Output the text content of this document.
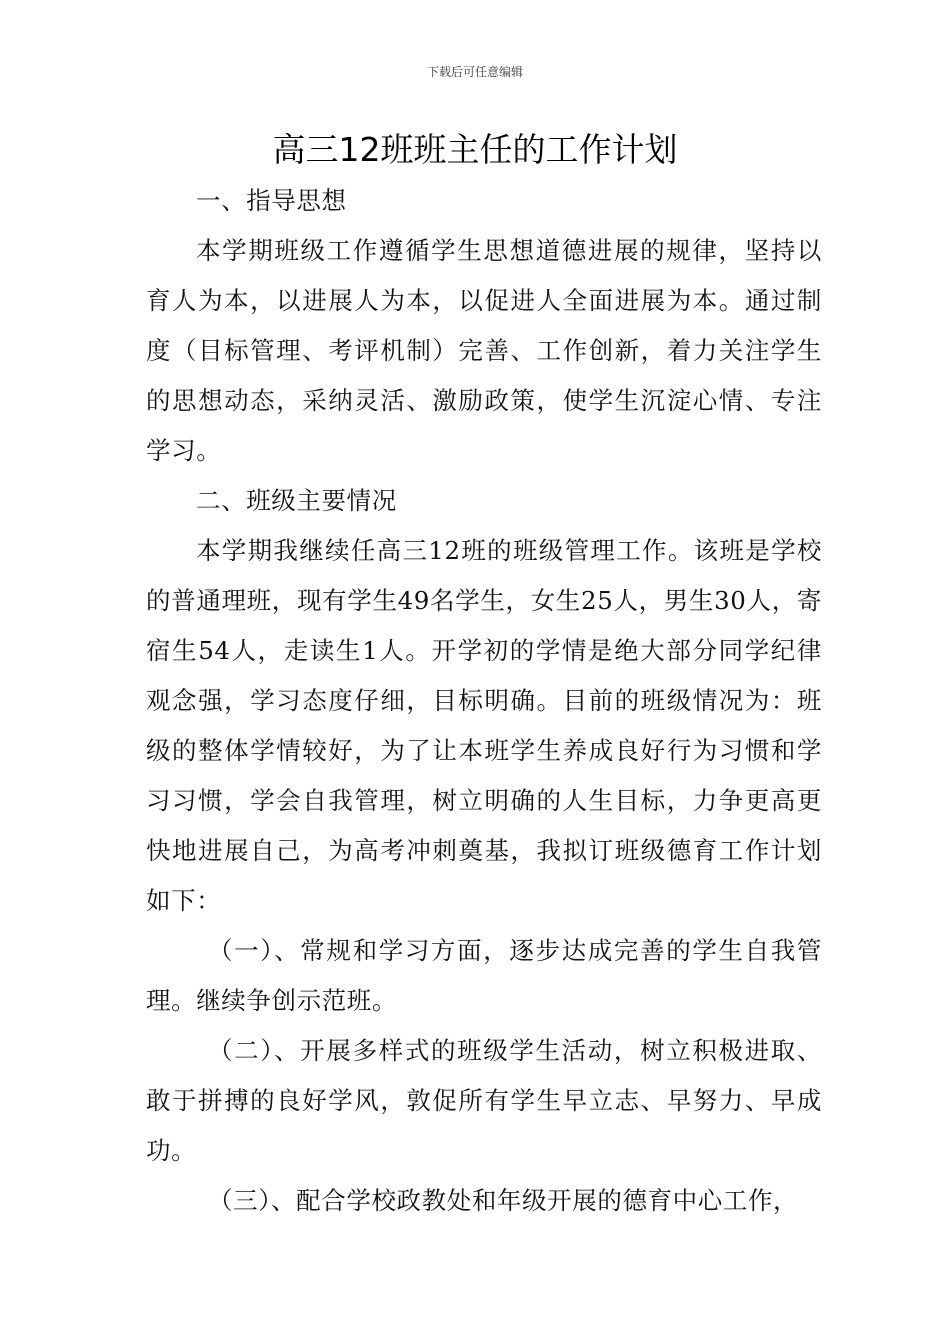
下载后可任意编辑
高三12班班主任的工作计划

一、指导思想

本学期班级工作遵循学生思想道德进展的规律，坚持以育人为本，以进展人为本，以促进人全面进展为本。通过制度（目标管理、考评机制）完善、工作创新，着力关注学生的思想动态，采纳灵活、激励政策，使学生沉淀心情、专注学习。

二、班级主要情况

本学期我继续任高三12班的班级管理工作。该班是学校的普通理班，现有学生49名学生，女生25人，男生30人，寄宿生54人，走读生1人。开学初的学情是绝大部分同学纪律观念强，学习态度仔细，目标明确。目前的班级情况为：班级的整体学情较好，为了让本班学生养成良好行为习惯和学习习惯，学会自我管理，树立明确的人生目标，力争更高更快地进展自己，为高考冲刺奠基，我拟订班级德育工作计划如下：

（一）、常规和学习方面，逐步达成完善的学生自我管理。继续争创示范班。

（二）、开展多样式的班级学生活动，树立积极进取、敢于拼搏的良好学风，敦促所有学生早立志、早努力、早成功。

（三）、配合学校政教处和年级开展的德育中心工作，
